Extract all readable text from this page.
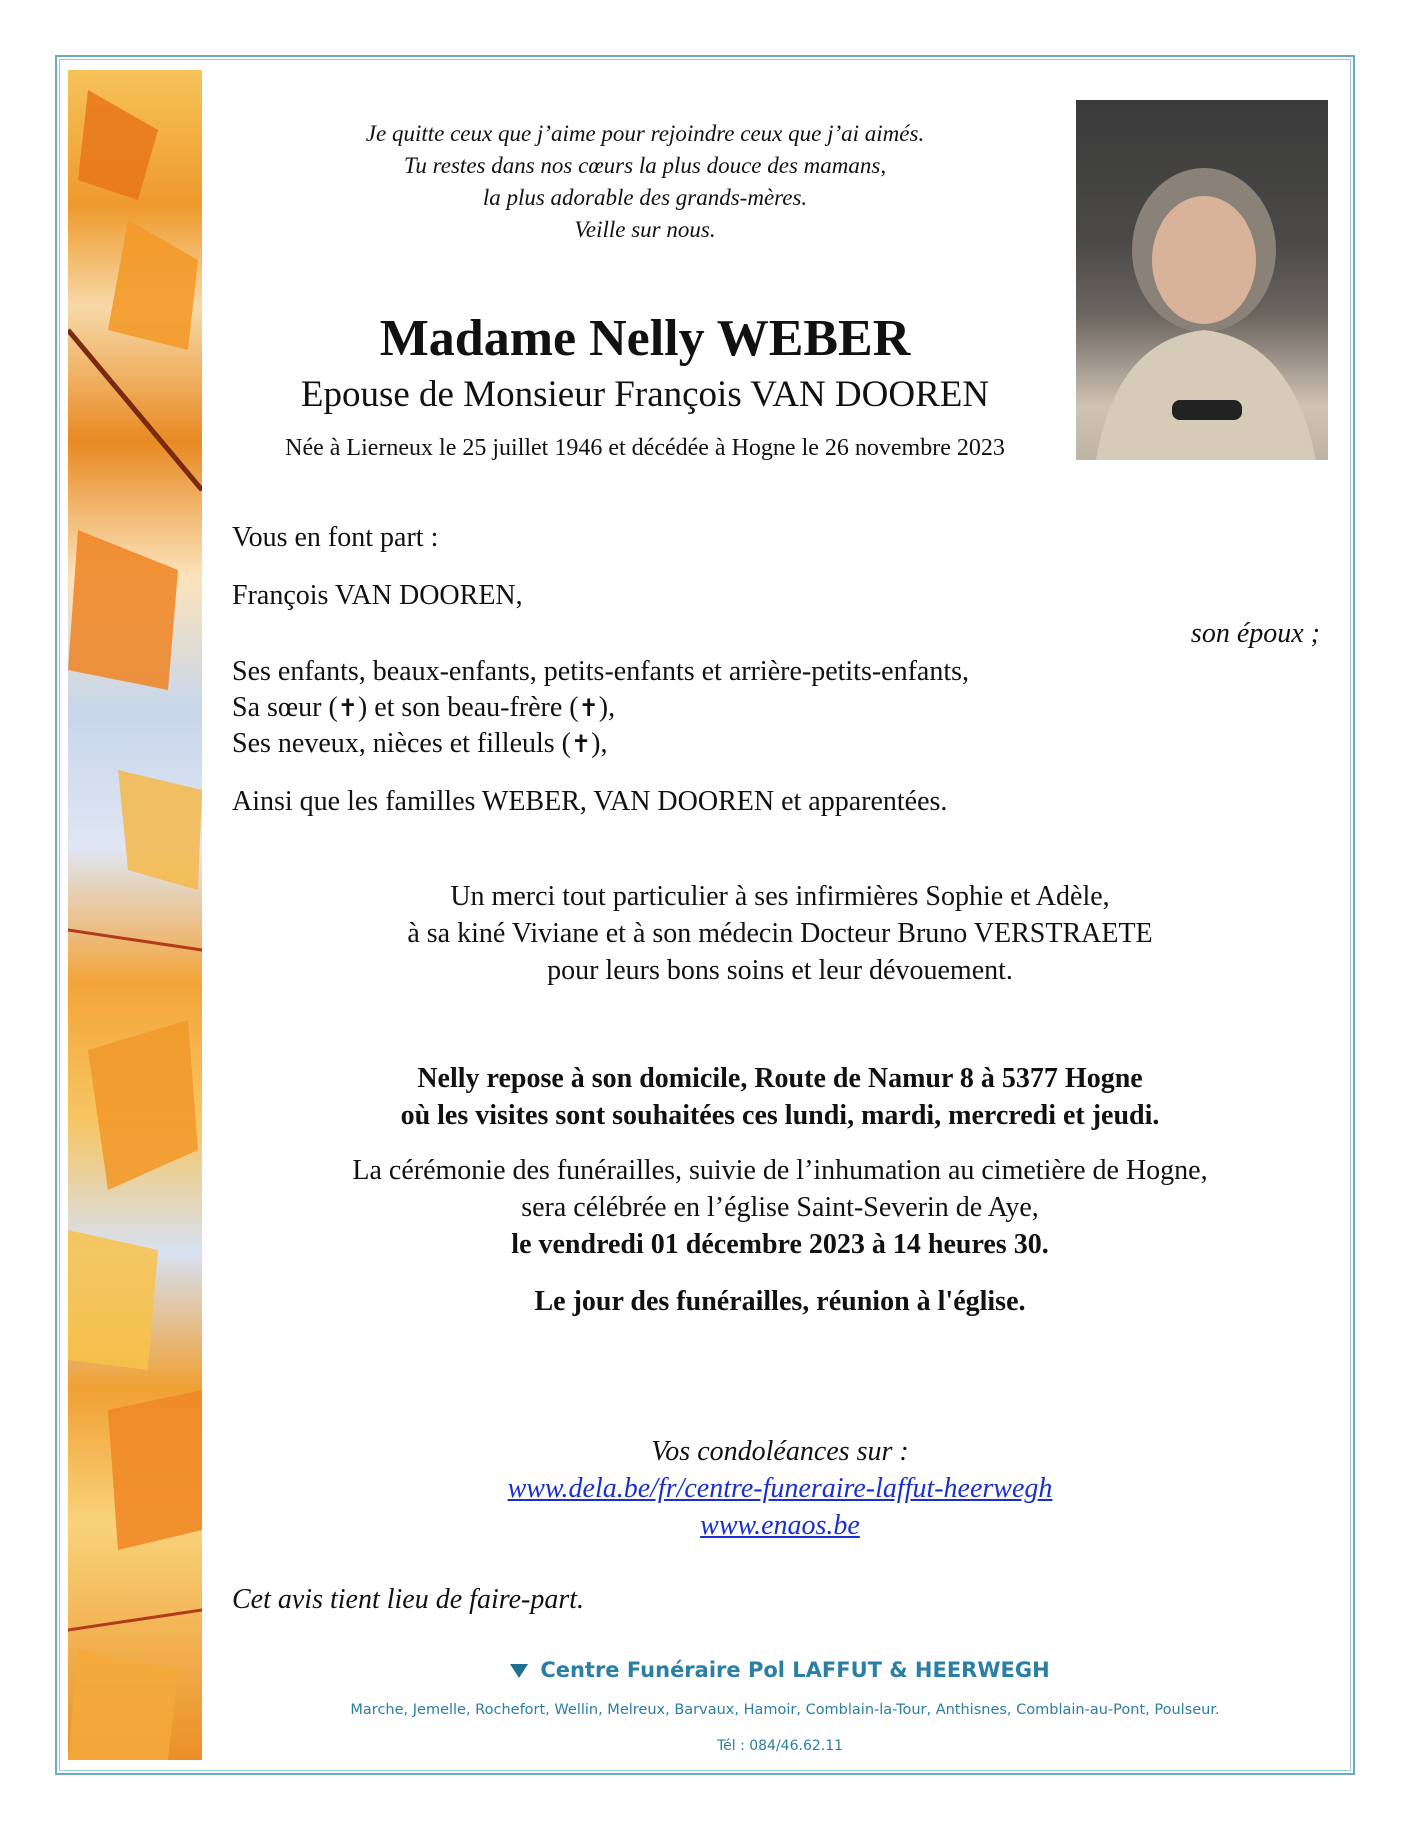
Je quitte ceux que j’aime pour rejoindre ceux que j’ai aimés.
Tu restes dans nos cœurs la plus douce des mamans,
la plus adorable des grands-mères.
Veille sur nous.
Madame Nelly WEBER
Epouse de Monsieur François VAN DOOREN
Née à Lierneux le 25 juillet 1946 et décédée à Hogne le 26 novembre 2023
Vous en font part :
François VAN DOOREN,
son époux ;
Ses enfants, beaux-enfants, petits-enfants et arrière-petits-enfants,
Sa sœur (✝) et son beau-frère (✝),
Ses neveux, nièces et filleuls (✝),
Ainsi que les familles WEBER, VAN DOOREN et apparentées.
Un merci tout particulier à ses infirmières Sophie et Adèle,
à sa kiné Viviane et à son médecin Docteur Bruno VERSTRAETE
pour leurs bons soins et leur dévouement.
Nelly repose à son domicile, Route de Namur 8 à 5377 Hogne
où les visites sont souhaitées ces lundi, mardi, mercredi et jeudi.
La cérémonie des funérailles, suivie de l’inhumation au cimetière de Hogne,
sera célébrée en l’église Saint-Severin de Aye,
le vendredi 01 décembre 2023 à 14 heures 30.
Le jour des funérailles, réunion à l'église.
Vos condoléances sur :
www.dela.be/fr/centre-funeraire-laffut-heerwegh
www.enaos.be
Cet avis tient lieu de faire-part.
Centre Funéraire Pol LAFFUT & HEERWEGH
Marche, Jemelle, Rochefort, Wellin, Melreux, Barvaux, Hamoir, Comblain-la-Tour, Anthisnes, Comblain-au-Pont, Poulseur.
Tél : 084/46.62.11
